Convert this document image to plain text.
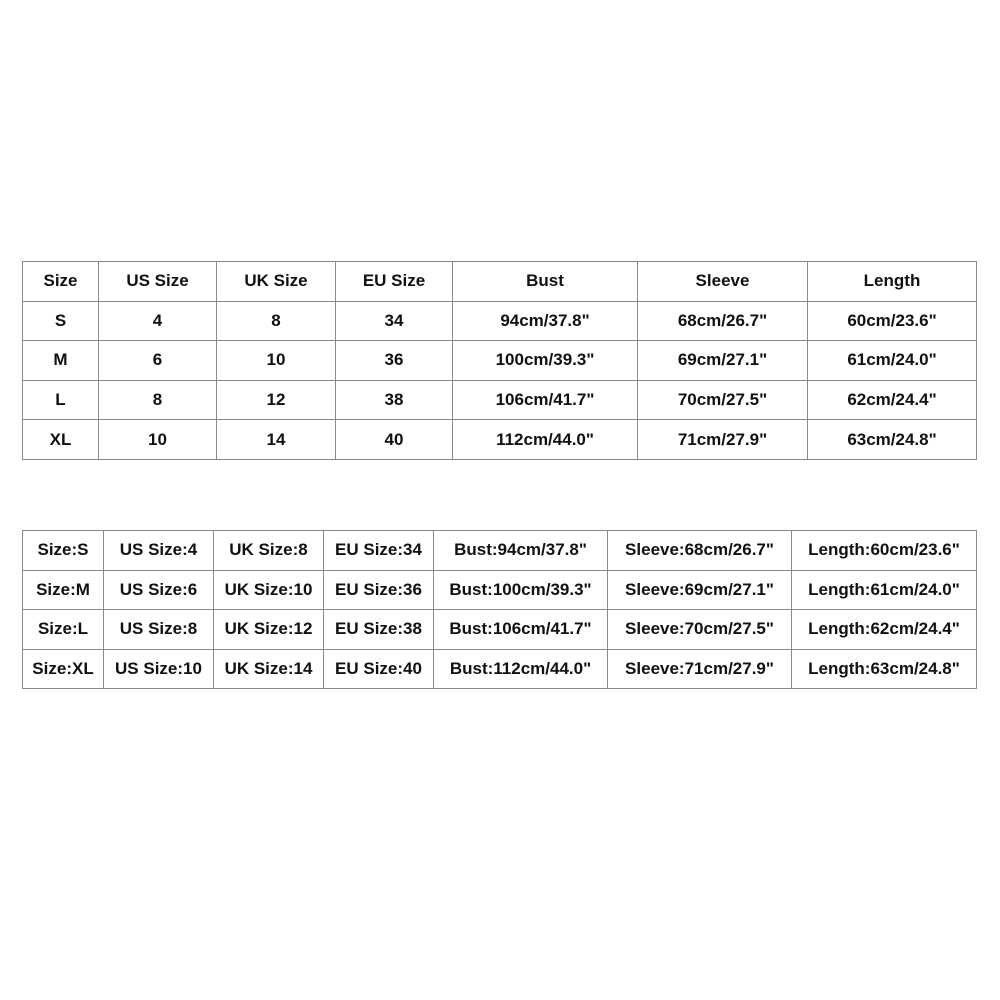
Size	US Size	UK Size	EU Size	Bust	Sleeve	Length
S	4	8	34	94cm/37.8"	68cm/26.7"	60cm/23.6"
M	6	10	36	100cm/39.3"	69cm/27.1"	61cm/24.0"
L	8	12	38	106cm/41.7"	70cm/27.5"	62cm/24.4"
XL	10	14	40	112cm/44.0"	71cm/27.9"	63cm/24.8"
Size:S	US Size:4	UK Size:8	EU Size:34	Bust:94cm/37.8"	Sleeve:68cm/26.7"	Length:60cm/23.6"
Size:M	US Size:6	UK Size:10	EU Size:36	Bust:100cm/39.3"	Sleeve:69cm/27.1"	Length:61cm/24.0"
Size:L	US Size:8	UK Size:12	EU Size:38	Bust:106cm/41.7"	Sleeve:70cm/27.5"	Length:62cm/24.4"
Size:XL	US Size:10	UK Size:14	EU Size:40	Bust:112cm/44.0"	Sleeve:71cm/27.9"	Length:63cm/24.8"
